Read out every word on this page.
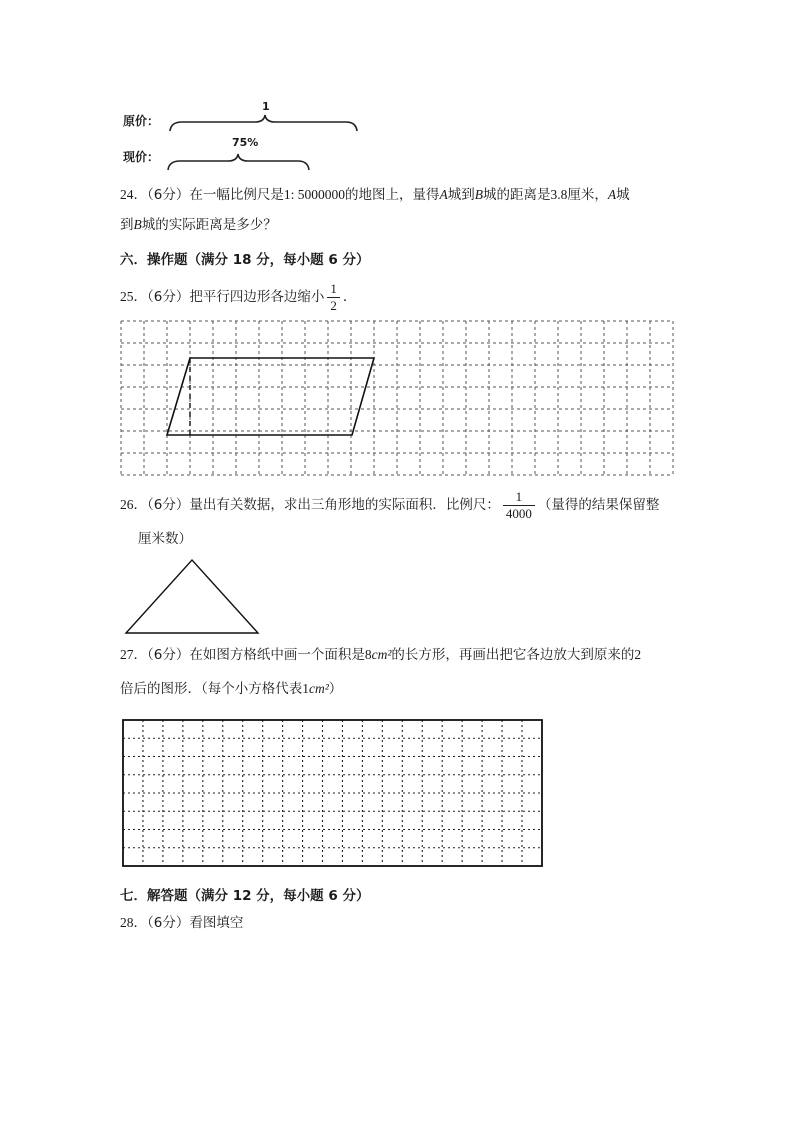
原价：
现价：
1
75%
24．（6分）在一幅比例尺是1: 5000000的地图上，量得A城到B城的距离是3.8厘米，A城
到B城的实际距离是多少？
六．操作题（满分 18 分，每小题 6 分）
25．（6分）把平行四边形各边缩小 $\frac{1}{2}$ ．
26．（6分）量出有关数据，求出三角形地的实际面积．比例尺： $\frac{1}{4000}$ （量得的结果保留整
厘米数）
27．（6分）在如图方格纸中画一个面积是8cm²的长方形，再画出把它各边放大到原来的2
倍后的图形．（每个小方格代表1cm²）
七．解答题（满分 12 分，每小题 6 分）
28．（6分）看图填空
